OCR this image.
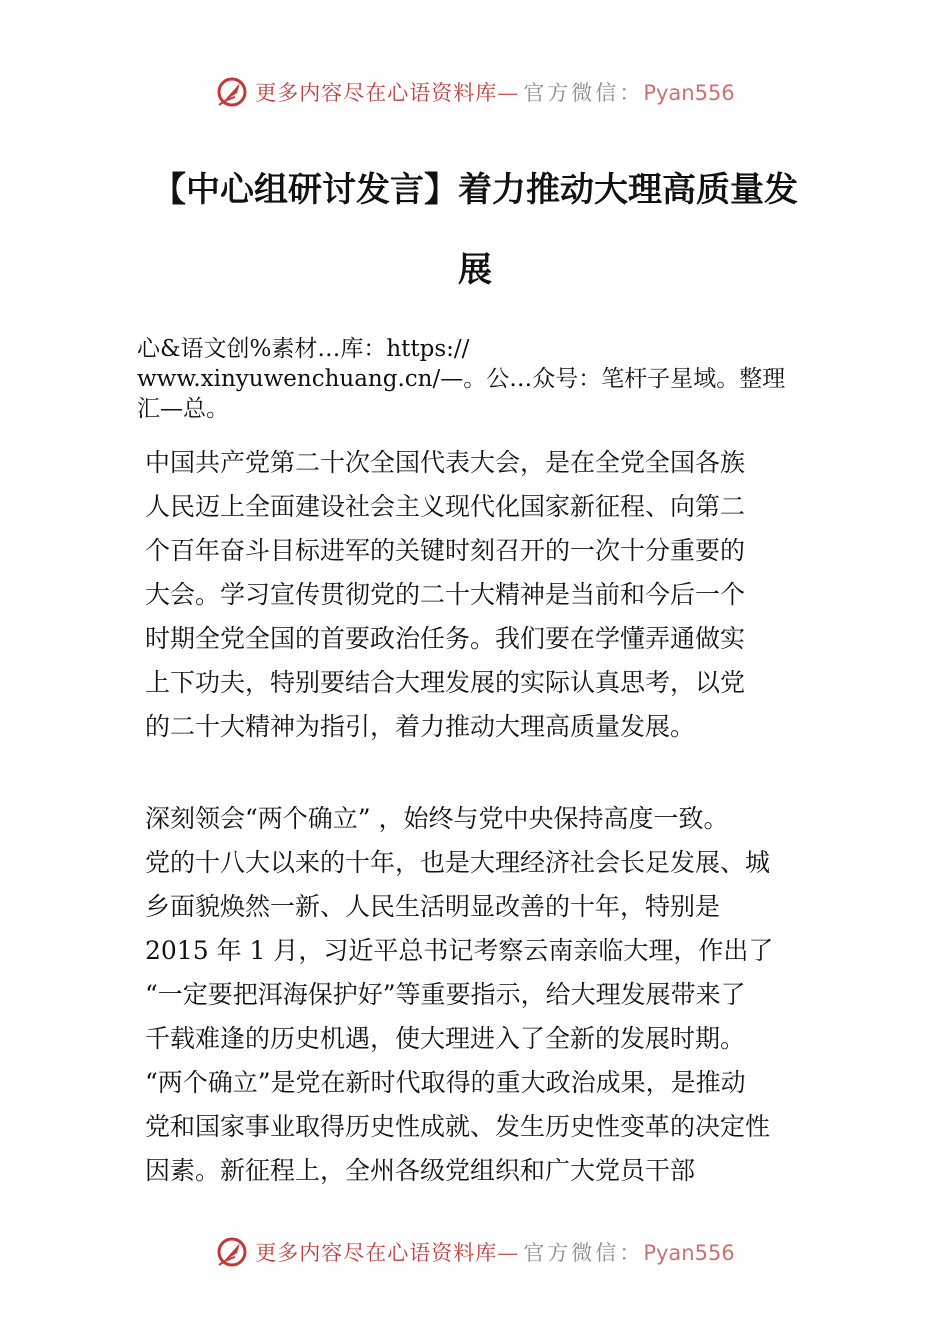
更多内容尽在心语资料库— 官方微信：Pyan556
【中心组研讨发言】着力推动大理高质量发
展
心&语文创%素材…库：https://
www.xinyuwenchuang.cn/—。公…众号：笔杆子星域。整理
汇—总。
中国共产党第二十次全国代表大会，是在全党全国各族
人民迈上全面建设社会主义现代化国家新征程、向第二
个百年奋斗目标进军的关键时刻召开的一次十分重要的
大会。学习宣传贯彻党的二十大精神是当前和今后一个
时期全党全国的首要政治任务。我们要在学懂弄通做实
上下功夫，特别要结合大理发展的实际认真思考，以党
的二十大精神为指引，着力推动大理高质量发展。
深刻领会“两个确立” ，始终与党中央保持高度一致。
党的十八大以来的十年，也是大理经济社会长足发展、城
乡面貌焕然一新、人民生活明显改善的十年，特别是
2015 年 1 月，习近平总书记考察云南亲临大理，作出了
“一定要把洱海保护好”等重要指示，给大理发展带来了
千载难逢的历史机遇，使大理进入了全新的发展时期。
“两个确立”是党在新时代取得的重大政治成果，是推动
党和国家事业取得历史性成就、发生历史性变革的决定性
因素。新征程上，全州各级党组织和广大党员干部
更多内容尽在心语资料库— 官方微信：Pyan556
